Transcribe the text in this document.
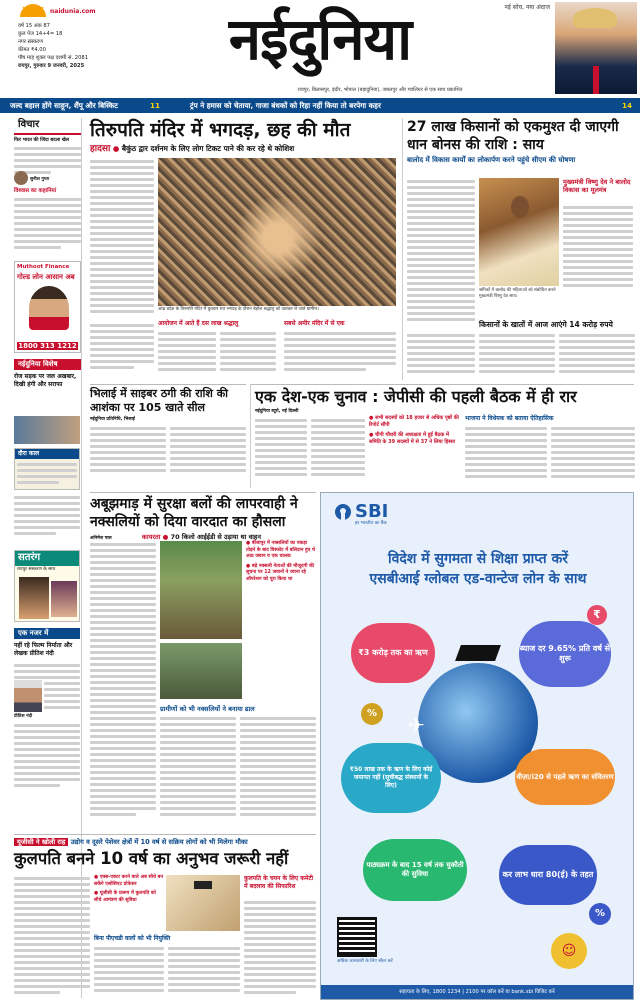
naidunia.com
वर्ष 15 अंक 87
कुल पेज 14+4= 18
नगर संस्करण
कीमत ₹4.00
पौष माह शुक्ल पक्ष दशमी सं. 2081
रायपुर, गुरुवार 9 जनवरी, 2025	नईदुनिया	नई सोच, नया अंदाज
रायपुर, बिलासपुर, इंदौर, भोपाल (बड़ादुनिया), जबलपुर और ग्वालियर से एक साथ प्रकाशित
जल्द बहाल होंगे साहून, शैंपू और बिस्किट	11	ट्रंप ने हमास को चेताया, गाजा बंधकों को रिहा नहीं किया तो बरपेगा कहर	14
विचार
फिर भारत की जिंदा बदला खेल
सुनील गुप्ता
विश्वास का कहानियां
Muthoot Finance
गोल्ड लोन आसान अब
1800 313 1212
नईदुनिया विशेष
रोज सड़क पर जल अखबार, दिखी हंगी और सराफा
दौरा काल
सतरंग
रायपुर संस्करण के साथ
एक नजर में
नहीं रहे फिल्म निर्माता और लेखक प्रीतिश नंदी
प्रीतिश नंदी
तिरुपति मंदिर में भगदड़, छह की मौत
हादसा ● बैकुंठ द्वार दर्शनम के लिए लोग टिकट पाने की कर रहे थे कोशिश
आंध्र प्रदेश के तिरुपति मंदिर में बुधवार रात भगदड़ के दौरान बेहोश श्रद्धालु को उठाकर ले जाते ग्रामीण।
आयोजन में आते हैं दस लाख श्रद्धालु	सबसे अमीर मंदिर में से एक
27 लाख किसानों को एकमुश्त दी जाएगी धान बोनस की राशि : साय
बालोद में विकास कार्यों का लोकार्पण करने पहुंचे सीएम की घोषणा
श्रमिकों में बालोद की महिलाओं को संबोधित करते मुख्यमंत्री विष्णु देव साय।
मुख्यमंत्री विष्णु देव ने बालोद विकास का मूलमंत्र
किसानों के खातों में आज आएंगे 14 करोड़ रुपये
भिलाई में साइबर ठगी की राशि की आशंका पर 105 खाते सील
नईदुनिया प्रतिनिधि, भिलाई
एक देश-एक चुनाव : जेपीसी की पहली बैठक में ही रार
नईदुनिया ब्यूरो, नई दिल्ली
● सभी सदस्यों को 18 हजार से अधिक पृष्ठों की रिपोर्ट सौंपी
● चीपी चौधरी की अध्यक्षता में हुई बैठक में समिति के 39 सदस्यों में से 37 ने लिया हिस्सा
भाजपा ने विधेयक को बताया ऐतिहासिक
अबूझमाड़ में सुरक्षा बलों की लापरवाही ने नक्सलियों को दिया वारदात का हौसला
अनिमेश पाल	कायरता ● 70 किलो आईईडी से उड़ाया था वाहन
● बीजापुर में नक्सलियों का पकड़ा तोड़ने के बाद विस्फोट में बलिदान हुए थे आठ जवान व एक चालक
● बड़े नक्सली नेताओं की मौजूदगी की सूचना पर 12 जवानों ने रवाना रहे ऑपरेशन को पूरा किया था
ग्रामीणों को भी नक्सलियों ने बनाया ढाल
यूजीसी ने खोली राह उद्योग व दूसरे पेशेवर क्षेत्रों में 10 वर्ष से सक्रिय लोगों को भी मिलेगा मौका
कुलपति बनने 10 वर्ष का अनुभव जरूरी नहीं
● एक्स-एक्टर करने वाले अब सीधे बन सकेंगे एसोसिएट प्रोफेसर
● यूजीसी के प्रारूप में कुलपति को सीधे आमंत्रण की सुविधा
बिना पीएचडी वालों को भी नियुक्ति
कुलपति के चयन के लिए कमेटी में बदलाव की सिफारिश
SBI
हर भारतीय का बैंक
विदेश में सुगमता से शिक्षा प्राप्त करें
एसबीआई ग्लोबल एड-वान्टेज लोन के साथ
✈
₹3 करोड़ तक का ऋण	ब्याज दर 9.65% प्रति वर्ष से शुरू
₹
%
₹50 लाख तक के ऋण के लिए कोई जमानत नहीं (सूचीबद्ध संस्थानों के लिए)
वीज़ा/i20 से पहले ऋण का संवितरण
पाठ्यक्रम के बाद 15 वर्ष तक चुकौती की सुविधा	कर लाभ धारा 80(ई) के तहत
%
अधिक जानकारी के लिए स्कैन करें
☺
सहायता के लिए, 1800 1234 | 2100 पर कॉल करें या bank.sbi विजिट करें
